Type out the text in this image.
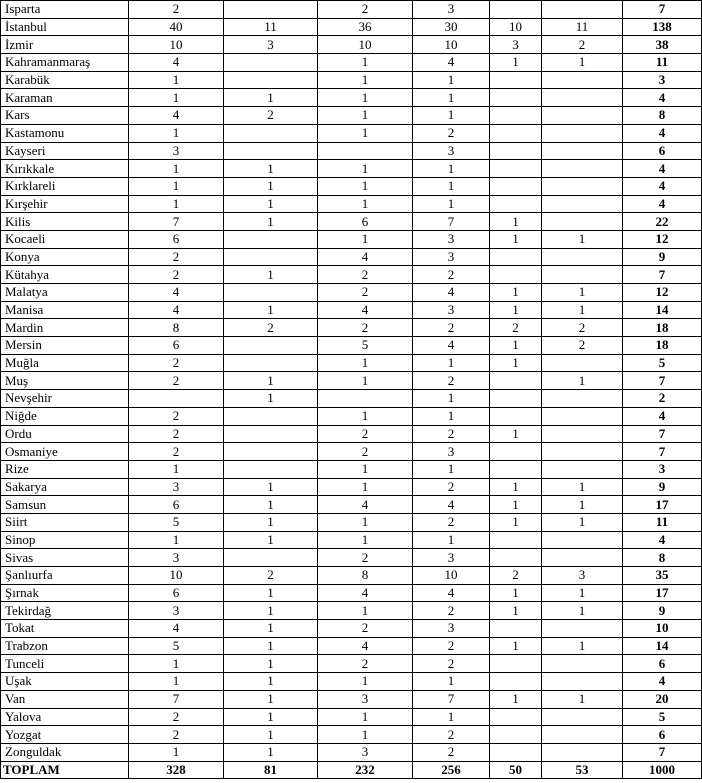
Isparta	2		2	3			7
İstanbul	40	11	36	30	10	11	138
İzmir	10	3	10	10	3	2	38
Kahramanmaraş	4		1	4	1	1	11
Karabük	1		1	1			3
Karaman	1	1	1	1			4
Kars	4	2	1	1			8
Kastamonu	1		1	2			4
Kayseri	3			3			6
Kırıkkale	1	1	1	1			4
Kırklareli	1	1	1	1			4
Kırşehir	1	1	1	1			4
Kilis	7	1	6	7	1		22
Kocaeli	6		1	3	1	1	12
Konya	2		4	3			9
Kütahya	2	1	2	2			7
Malatya	4		2	4	1	1	12
Manisa	4	1	4	3	1	1	14
Mardin	8	2	2	2	2	2	18
Mersin	6		5	4	1	2	18
Muğla	2		1	1	1		5
Muş	2	1	1	2		1	7
Nevşehir		1		1			2
Niğde	2		1	1			4
Ordu	2		2	2	1		7
Osmaniye	2		2	3			7
Rize	1		1	1			3
Sakarya	3	1	1	2	1	1	9
Samsun	6	1	4	4	1	1	17
Siirt	5	1	1	2	1	1	11
Sinop	1	1	1	1			4
Sivas	3		2	3			8
Şanlıurfa	10	2	8	10	2	3	35
Şırnak	6	1	4	4	1	1	17
Tekirdağ	3	1	1	2	1	1	9
Tokat	4	1	2	3			10
Trabzon	5	1	4	2	1	1	14
Tunceli	1	1	2	2			6
Uşak	1	1	1	1			4
Van	7	1	3	7	1	1	20
Yalova	2	1	1	1			5
Yozgat	2	1	1	2			6
Zonguldak	1	1	3	2			7
TOPLAM	328	81	232	256	50	53	1000
